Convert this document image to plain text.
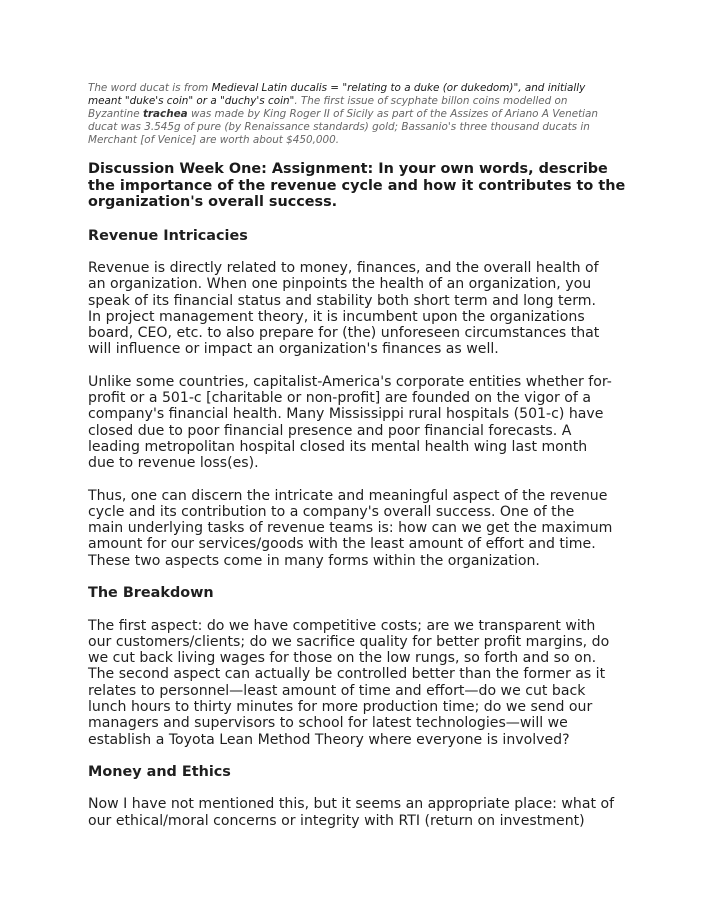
The word ducat is from Medieval Latin ducalis = "relating to a duke (or dukedom)", and initially
meant "duke's coin" or a "duchy's coin". The first issue of scyphate billon coins modelled on
Byzantine trachea was made by King Roger II of Sicily as part of the Assizes of Ariano A Venetian
ducat was 3.545g of pure (by Renaissance standards) gold; Bassanio's three thousand ducats in
Merchant [of Venice] are worth about $450,000.
Discussion Week One: Assignment: In your own words, describe
the importance of the revenue cycle and how it contributes to the
organization's overall success.
Revenue Intricacies

Revenue is directly related to money, finances, and the overall health of
an organization. When one pinpoints the health of an organization, you
speak of its financial status and stability both short term and long term.
In project management theory, it is incumbent upon the organizations
board, CEO, etc. to also prepare for (the) unforeseen circumstances that
will influence or impact an organization's finances as well.

Unlike some countries, capitalist-America's corporate entities whether for-
profit or a 501-c [charitable or non-profit] are founded on the vigor of a
company's financial health. Many Mississippi rural hospitals (501-c) have
closed due to poor financial presence and poor financial forecasts. A
leading metropolitan hospital closed its mental health wing last month
due to revenue loss(es).

Thus, one can discern the intricate and meaningful aspect of the revenue
cycle and its contribution to a company's overall success. One of the
main underlying tasks of revenue teams is: how can we get the maximum
amount for our services/goods with the least amount of effort and time.
These two aspects come in many forms within the organization.

The Breakdown

The first aspect: do we have competitive costs; are we transparent with
our customers/clients; do we sacrifice quality for better profit margins, do
we cut back living wages for those on the low rungs, so forth and so on.
The second aspect can actually be controlled better than the former as it
relates to personnel—least amount of time and effort—do we cut back
lunch hours to thirty minutes for more production time; do we send our
managers and supervisors to school for latest technologies—will we
establish a Toyota Lean Method Theory where everyone is involved?

Money and Ethics

Now I have not mentioned this, but it seems an appropriate place: what of
our ethical/moral concerns or integrity with RTI (return on investment)
